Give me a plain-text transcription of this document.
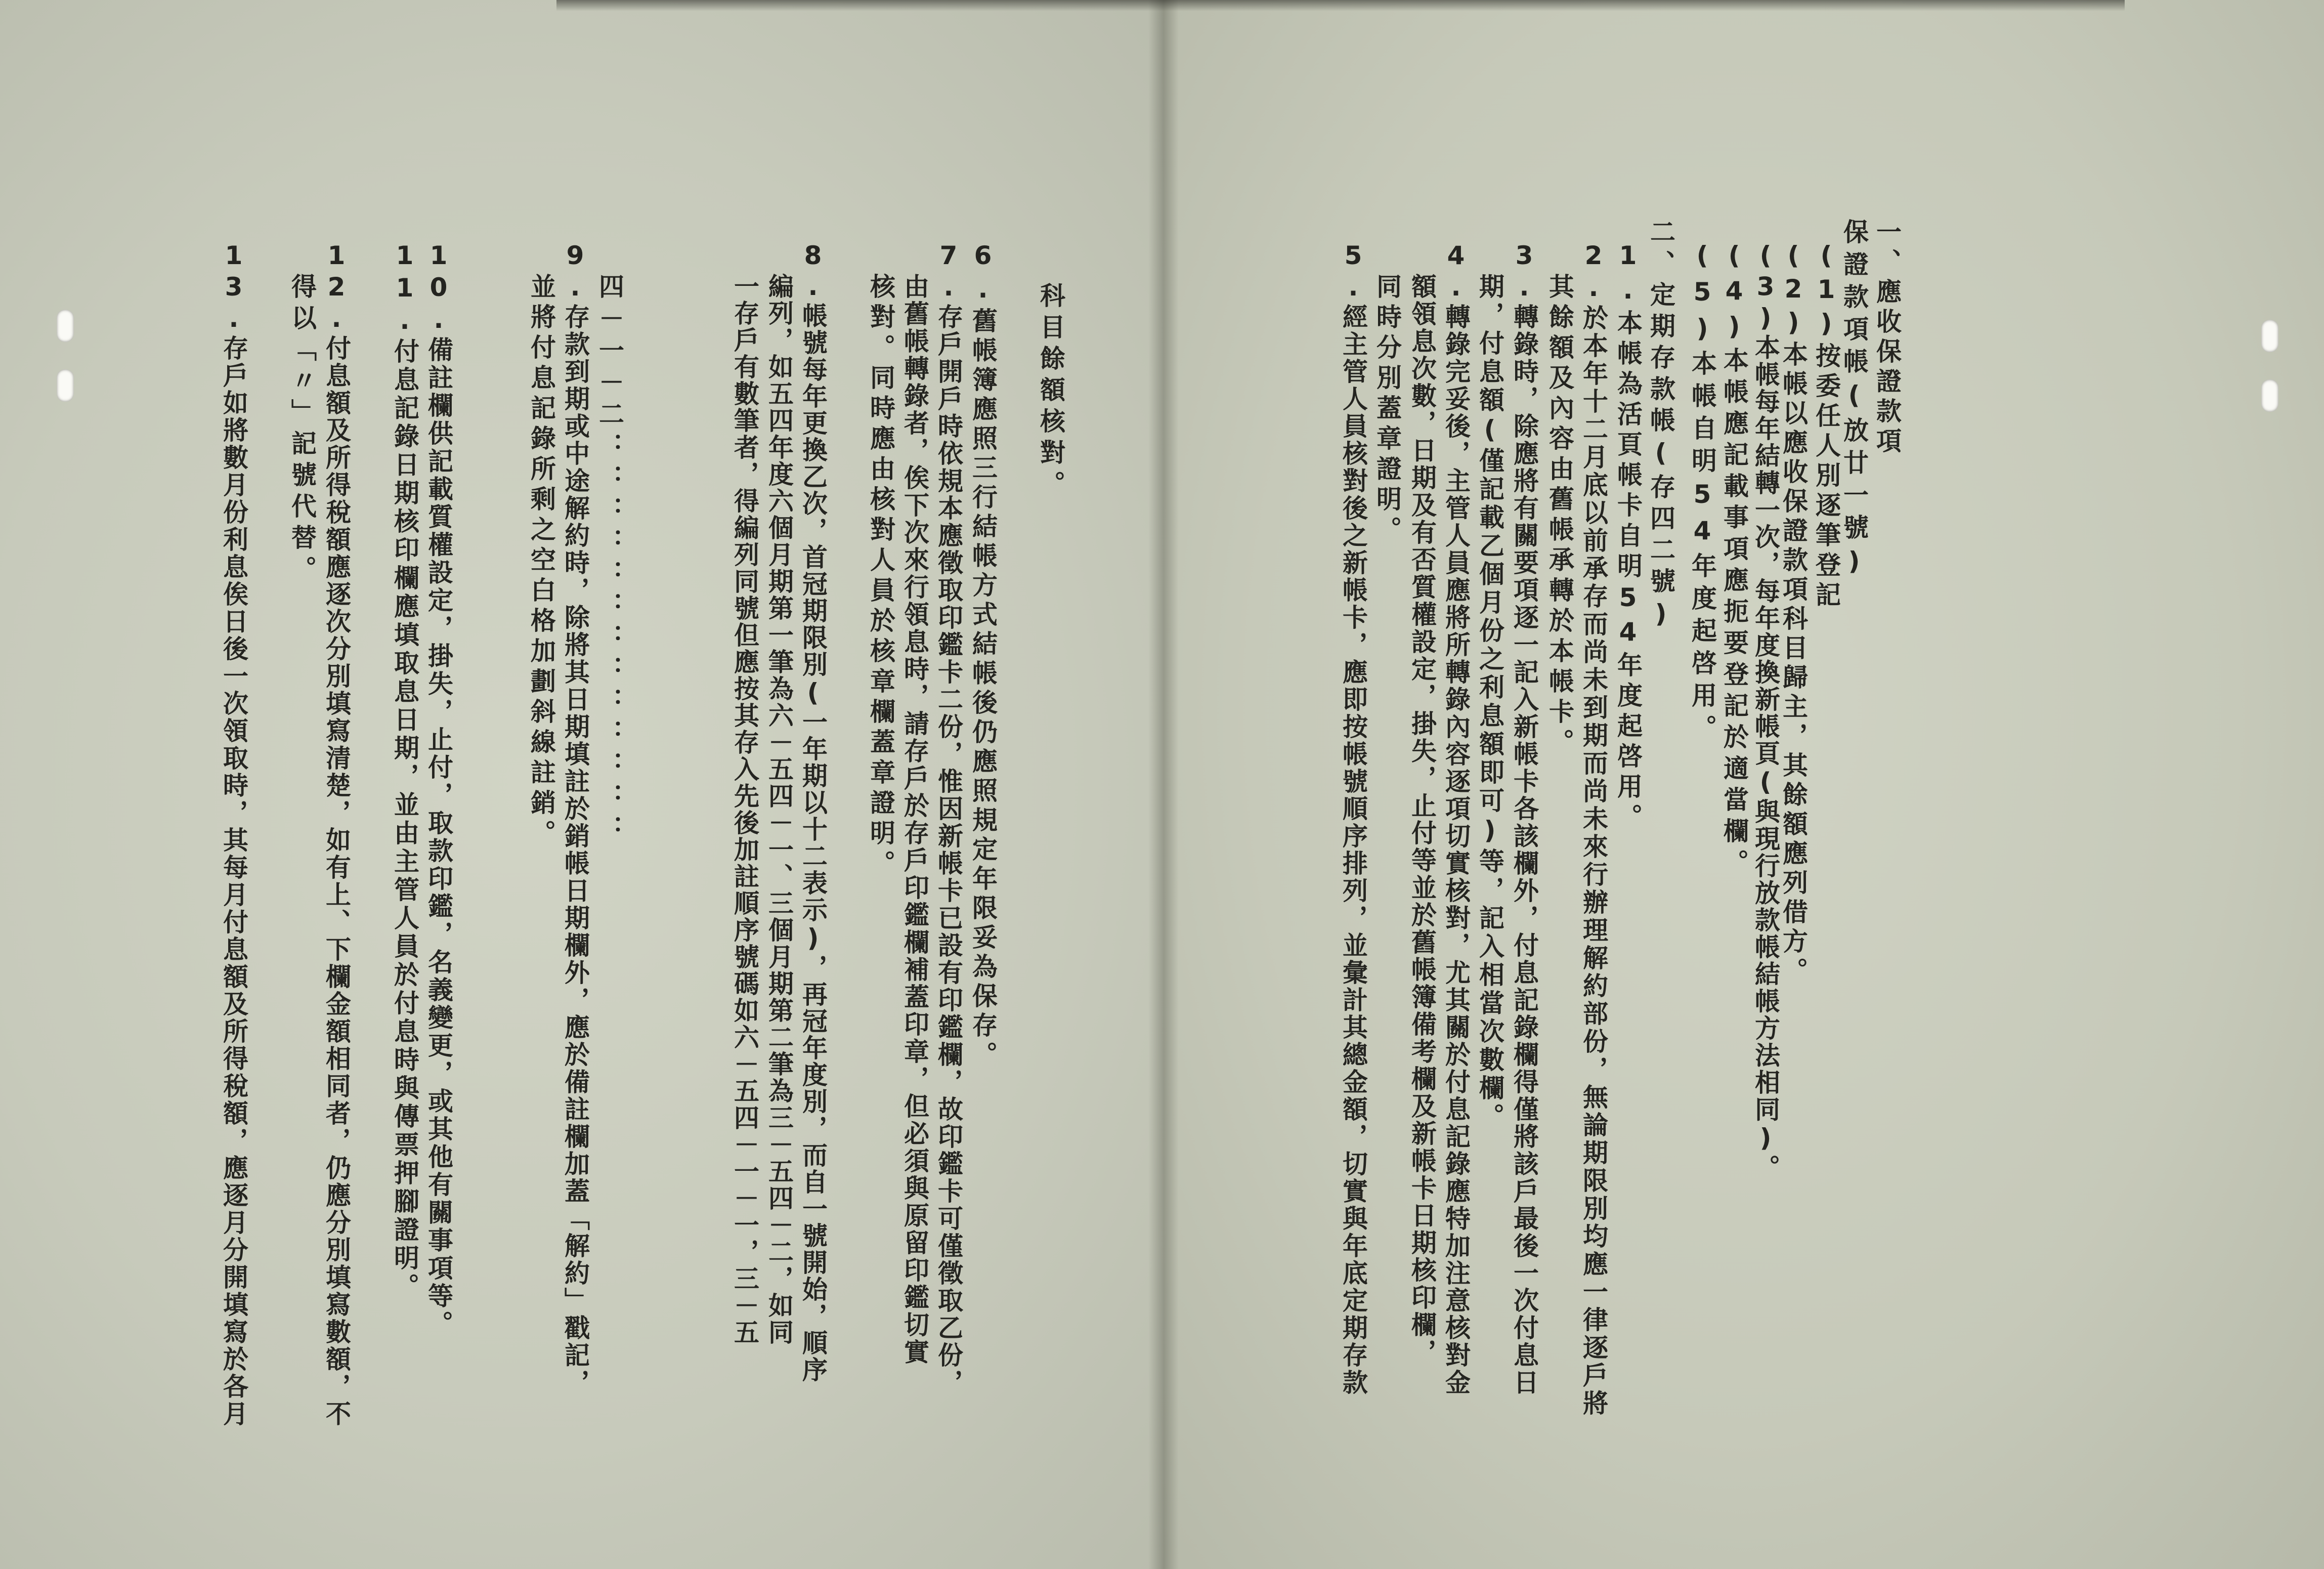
一、應收保證款項
保證款項帳(放廿一號)
(1)按委任人別逐筆登記
(2)本帳以應收保證款項科目歸主，其餘額應列借方。
(3)本帳每年結轉一次，每年度換新帳頁(與現行放款帳結帳方法相同)。
(4)本帳應記載事項應扼要登記於適當欄。
(5)本帳自明54年度起啓用。
二、定期存款帳(存四二號)
1.本帳為活頁帳卡自明54年度起啓用。
2.於本年十二月底以前承存而尚未到期而尚未來行辦理解約部份，無論期限別均應一律逐戶將
其餘額及內容由舊帳承轉於本帳卡。
3.轉錄時，除應將有關要項逐一記入新帳卡各該欄外，付息記錄欄得僅將該戶最後一次付息日
期，付息額(僅記載乙個月份之利息額即可)等，記入相當次數欄。
4.轉錄完妥後，主管人員應將所轉錄內容逐項切實核對，尤其關於付息記錄應特加注意核對金
額領息次數，日期及有否質權設定，掛失，止付等並於舊帳簿備考欄及新帳卡日期核印欄，
同時分別蓋章證明。
5.經主管人員核對後之新帳卡，應即按帳號順序排列，並彙計其總金額，切實與年底定期存款
科目餘額核對。
6.舊帳簿應照三行結帳方式結帳後仍應照規定年限妥為保存。
7.存戶開戶時依規本應徵取印鑑卡二份，惟因新帳卡已設有印鑑欄，故印鑑卡可僅徵取乙份，
由舊帳轉錄者，俟下次來行領息時，請存戶於存戶印鑑欄補蓋印章，但必須與原留印鑑切實
核對。同時應由核對人員於核章欄蓋章證明。
8.帳號每年更換乙次，首冠期限別(一年期以十二表示)，再冠年度別，而自一號開始，順序
編列，如五四年度六個月期第一筆為六－五四－一、三個月期第二筆為三－五四－二，如同
一存戶有數筆者，得編列同號但應按其存入先後加註順序號碼如六－五四－一－一，三－五
四－一－二：：：：：：：：：：：：：
9.存款到期或中途解約時，除將其日期填註於銷帳日期欄外，應於備註欄加蓋「解約」戳記，
並將付息記錄所剩之空白格加劃斜線註銷。
10.備註欄供記載質權設定，掛失，止付，取款印鑑，名義變更，或其他有關事項等。
11.付息記錄日期核印欄應填取息日期，並由主管人員於付息時與傳票押腳證明。
12.付息額及所得稅額應逐次分別填寫清楚，如有上、下欄金額相同者，仍應分別填寫數額，不
得以「〃」記號代替。
13.存戶如將數月份利息俟日後一次領取時，其每月付息額及所得稅額，應逐月分開填寫於各月
